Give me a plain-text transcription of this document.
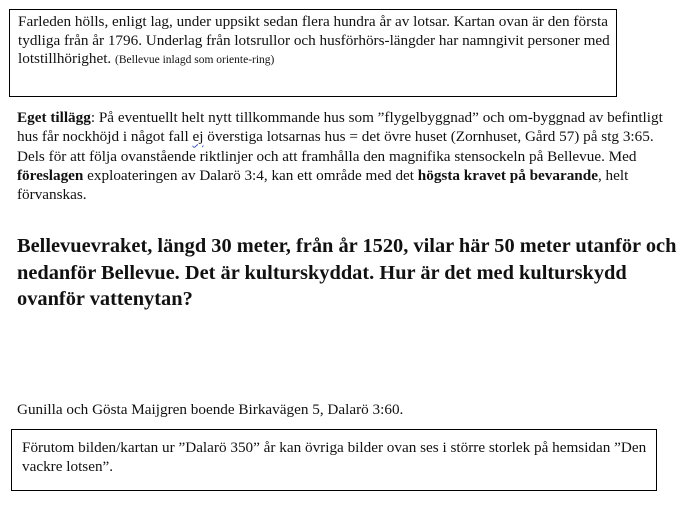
Farleden hölls, enligt lag, under uppsikt sedan flera hundra år av lotsar. Kartan ovan är den första tydliga från år 1796. Underlag från lotsrullor och husförhörs-längder har namngivit personer med lotstillhörighet. (Bellevue inlagd som oriente-ring)
Eget tillägg: På eventuellt helt nytt tillkommande hus som ”flygelbyggnad” och om-byggnad av befintligt hus får nockhöjd i något fall ej överstiga lotsarnas hus = det övre huset (Zornhuset, Gård 57) på stg 3:65. Dels för att följa ovanstående riktlinjer och att framhålla den magnifika stensockeln på Bellevue. Med föreslagen exploateringen av Dalarö 3:4, kan ett område med det högsta kravet på bevarande, helt förvanskas.
Bellevuevraket, längd 30 meter, från år 1520, vilar här 50 meter utanför och nedanför Bellevue. Det är kulturskyddat. Hur är det med kulturskydd ovanför vattenytan?
Gunilla och Gösta Maijgren boende Birkavägen 5, Dalarö 3:60.
Förutom bilden/kartan ur ”Dalarö 350” år kan övriga bilder ovan ses i större storlek på hemsidan ”Den vackre lotsen”.
